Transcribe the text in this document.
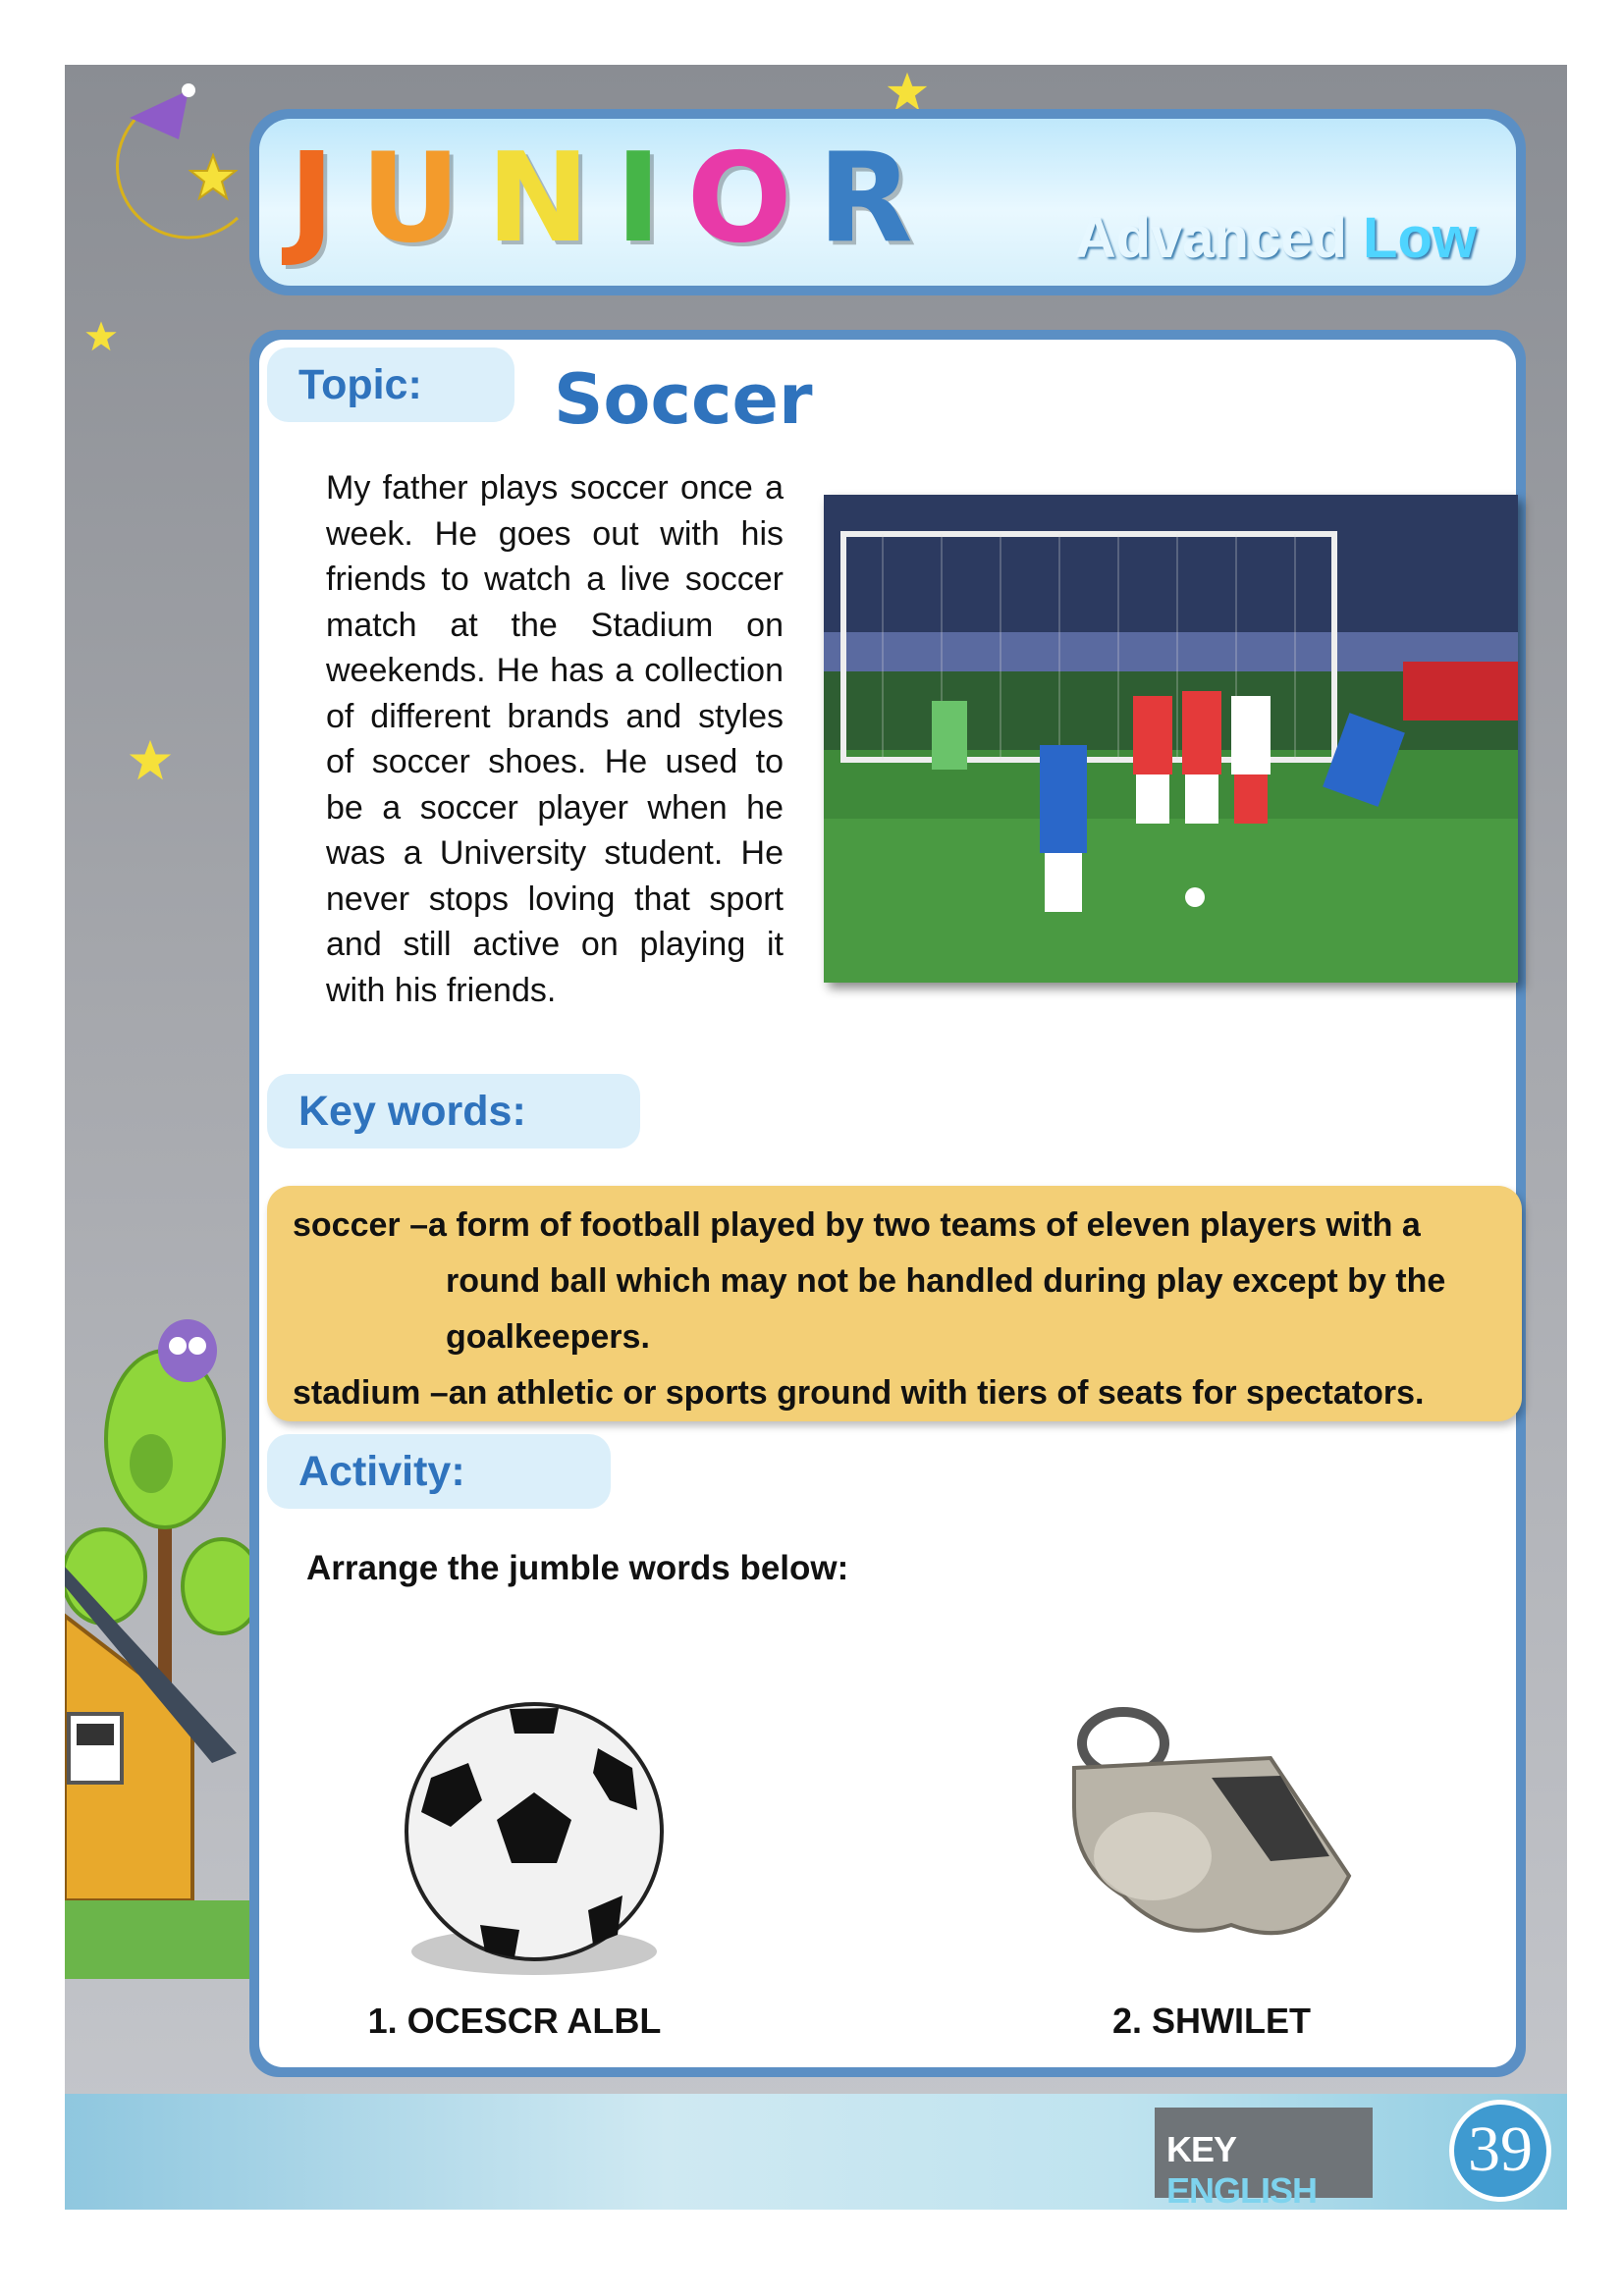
J U N I O R	Advanced Low
Topic:	Soccer

My father plays soccer once a week. He goes out with his friends to watch a live soccer match at the Stadium on weekends. He has a collection of different brands and styles of soccer shoes. He used to be a soccer player when he was a University student. He never stops loving that sport and still active on playing it with his friends.

Key words:
soccer – a form of football played by two teams of eleven players with a
round ball which may not be handled during play except by the
goalkeepers.
stadium – an athletic or sports ground with tiers of seats for spectators.
Activity:

Arrange the jumble words below:

1. OCESCR ALBL	2. SHWILET
KEY ENGLISH
39
